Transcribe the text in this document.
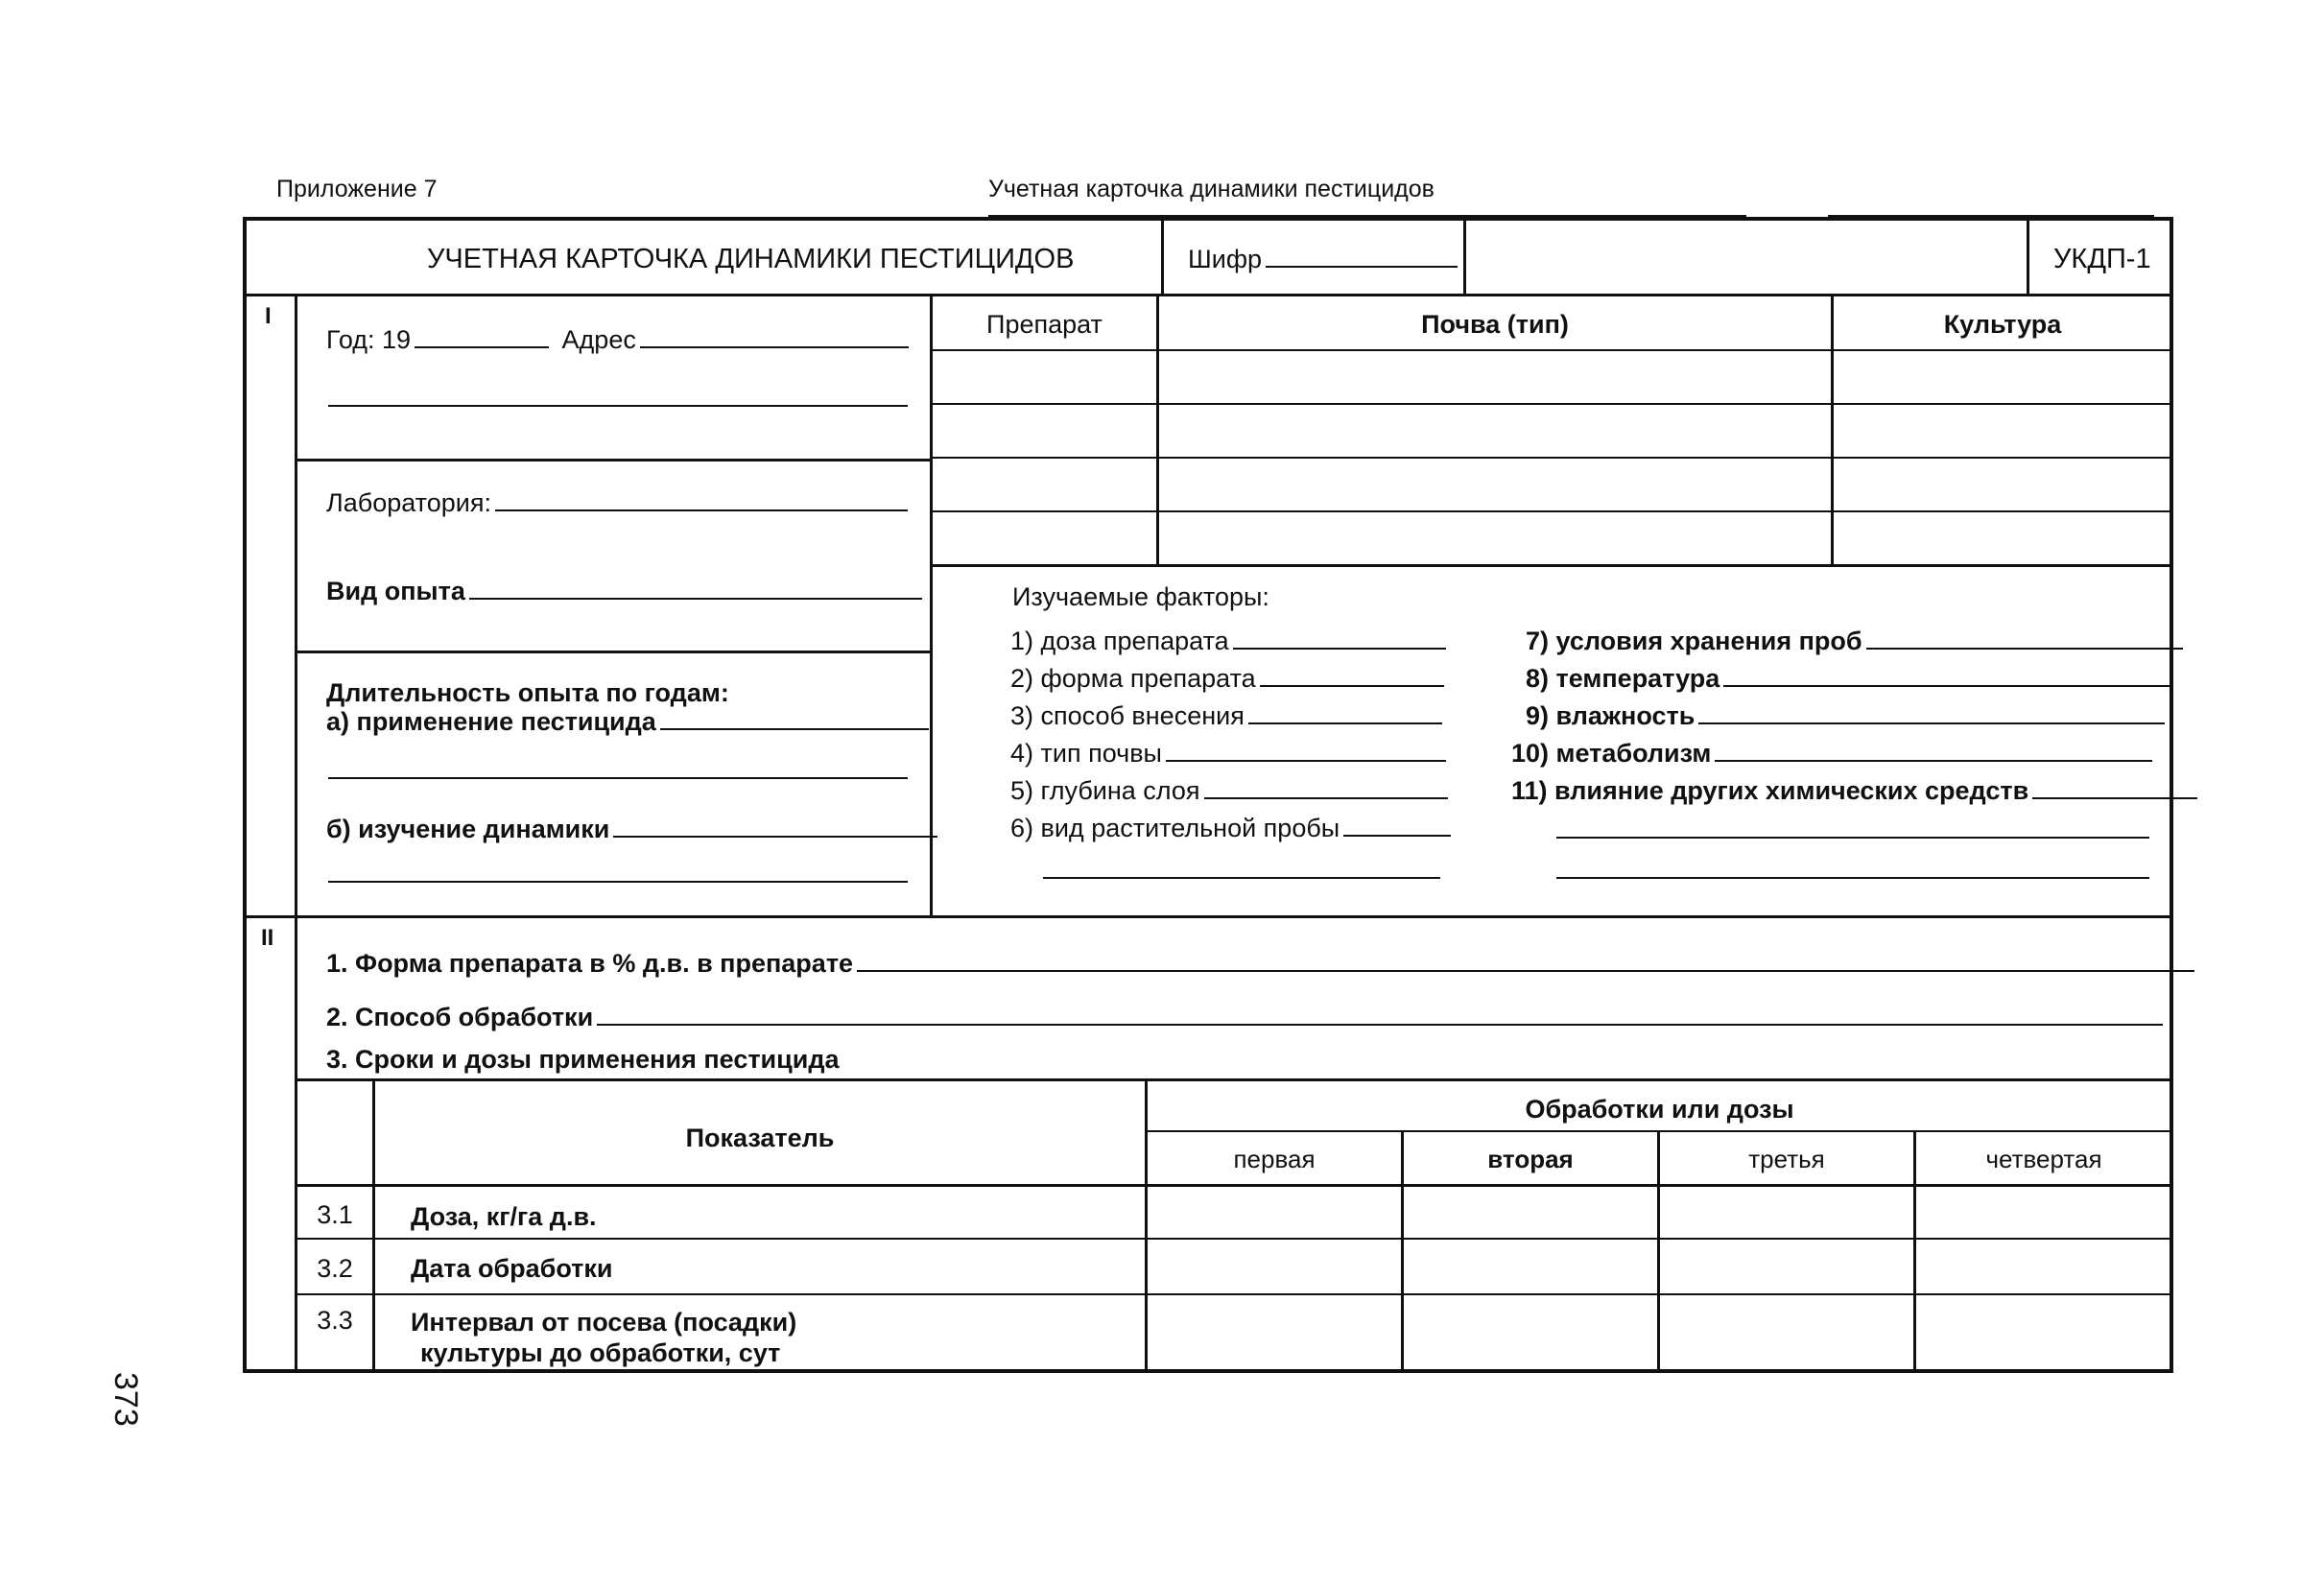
Приложение 7	Учетная карточка динамики пестицидов
373
УЧЕТНАЯ КАРТОЧКА ДИНАМИКИ ПЕСТИЦИДОВ	Шифр	УКДП-1
I
Год: 19	Адрес
Лаборатория:
Вид опыта
Длительность опыта по годам:
а) применение пестицида
б) изучение динамики
Препарат	Почва (тип)	Культура
Изучаемые факторы:
1) доза препарата
2) форма препарата
3) способ внесения
4) тип почвы
5) глубина слоя
6) вид растительной пробы
7) условия хранения проб
8) температура
9) влажность
10) метаболизм
11) влияние других химических средств
II
1. Форма препарата в % д.в. в препарате
2. Способ обработки
3. Сроки и дозы применения пестицида
Показатель
Обработки или дозы
первая	вторая	третья	четвертая
3.1	Доза, кг/га д.в.
3.2	Дата обработки
3.3	Интервал от посева (посадки)
культуры до обработки, сут
